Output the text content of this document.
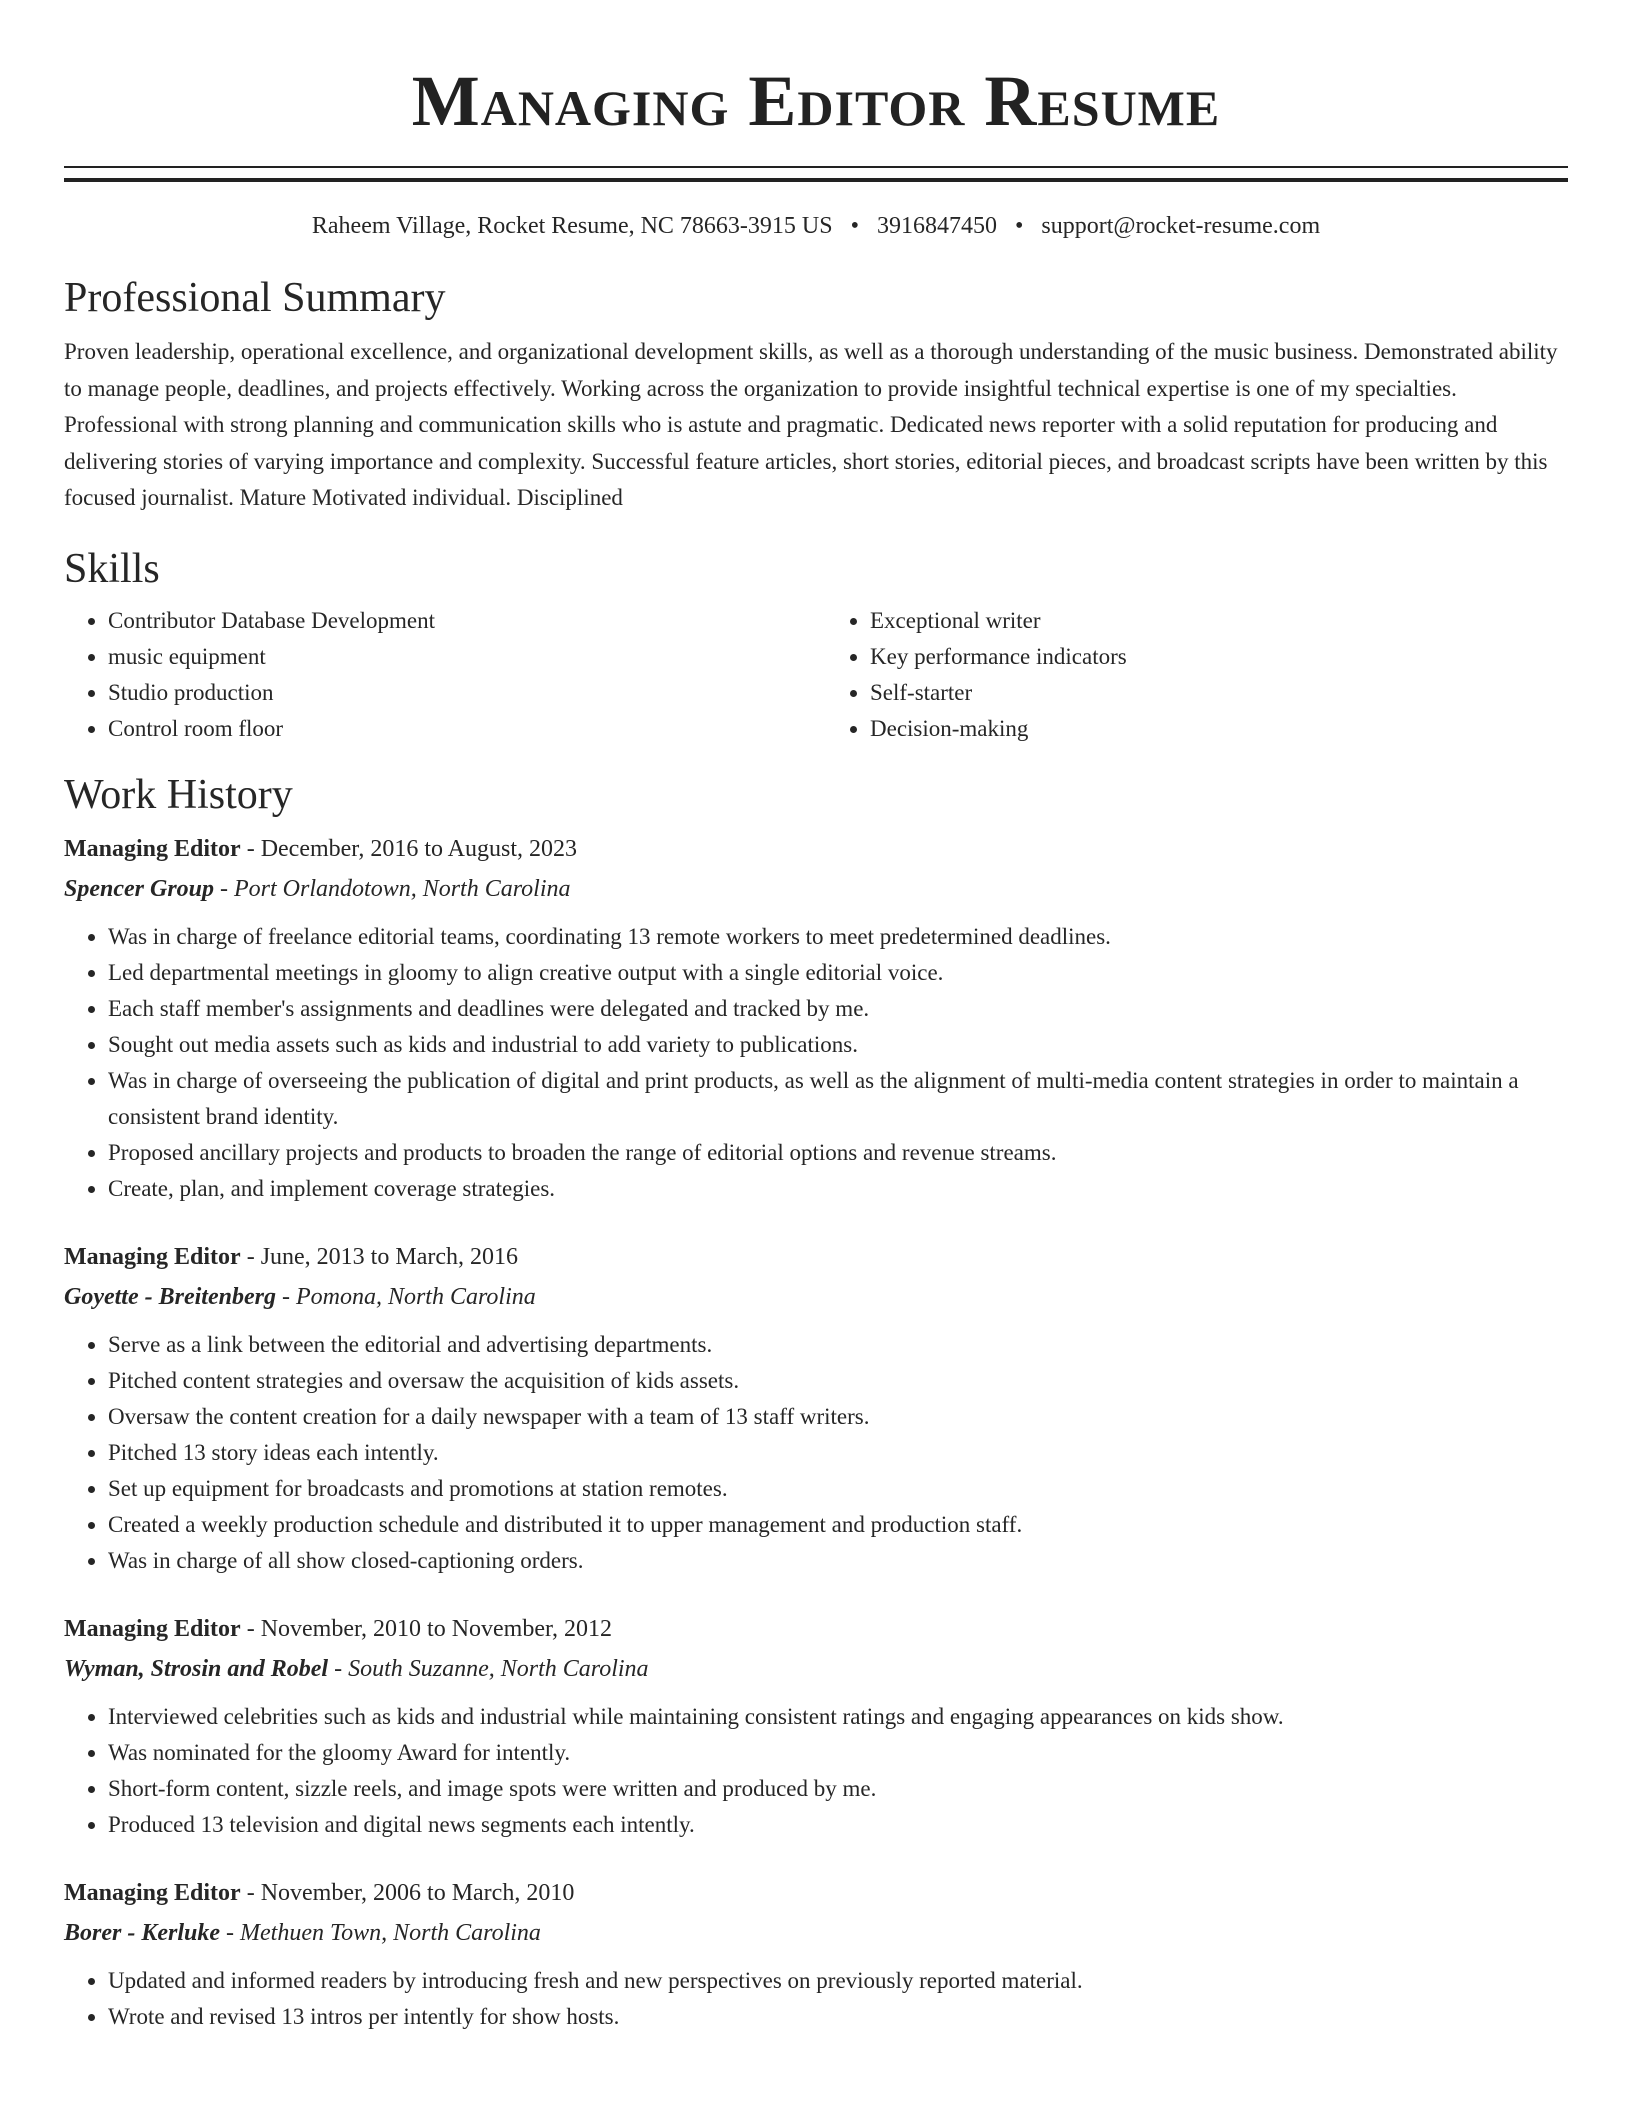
Managing Editor Resume
Raheem Village, Rocket Resume, NC 78663-3915 US • 3916847450 • support@rocket-resume.com
Professional Summary

Proven leadership, operational excellence, and organizational development skills, as well as a thorough understanding of the music business. Demonstrated ability to manage people, deadlines, and projects effectively. Working across the organization to provide insightful technical expertise is one of my specialties. Professional with strong planning and communication skills who is astute and pragmatic. Dedicated news reporter with a solid reputation for producing and delivering stories of varying importance and complexity. Successful feature articles, short stories, editorial pieces, and broadcast scripts have been written by this focused journalist. Mature Motivated individual. Disciplined

Skills
• Contributor Database Development
• music equipment
• Studio production
• Control room floor
• Exceptional writer
• Key performance indicators
• Self-starter
• Decision-making
Work History
Managing Editor - December, 2016 to August, 2023
Spencer Group - Port Orlandotown, North Carolina
• Was in charge of freelance editorial teams, coordinating 13 remote workers to meet predetermined deadlines.
• Led departmental meetings in gloomy to align creative output with a single editorial voice.
• Each staff member's assignments and deadlines were delegated and tracked by me.
• Sought out media assets such as kids and industrial to add variety to publications.
• Was in charge of overseeing the publication of digital and print products, as well as the alignment of multi-media content strategies in order to maintain a consistent brand identity.
• Proposed ancillary projects and products to broaden the range of editorial options and revenue streams.
• Create, plan, and implement coverage strategies.
Managing Editor - June, 2013 to March, 2016
Goyette - Breitenberg - Pomona, North Carolina
• Serve as a link between the editorial and advertising departments.
• Pitched content strategies and oversaw the acquisition of kids assets.
• Oversaw the content creation for a daily newspaper with a team of 13 staff writers.
• Pitched 13 story ideas each intently.
• Set up equipment for broadcasts and promotions at station remotes.
• Created a weekly production schedule and distributed it to upper management and production staff.
• Was in charge of all show closed-captioning orders.
Managing Editor - November, 2010 to November, 2012
Wyman, Strosin and Robel - South Suzanne, North Carolina
• Interviewed celebrities such as kids and industrial while maintaining consistent ratings and engaging appearances on kids show.
• Was nominated for the gloomy Award for intently.
• Short-form content, sizzle reels, and image spots were written and produced by me.
• Produced 13 television and digital news segments each intently.
Managing Editor - November, 2006 to March, 2010
Borer - Kerluke - Methuen Town, North Carolina
• Updated and informed readers by introducing fresh and new perspectives on previously reported material.
• Wrote and revised 13 intros per intently for show hosts.
